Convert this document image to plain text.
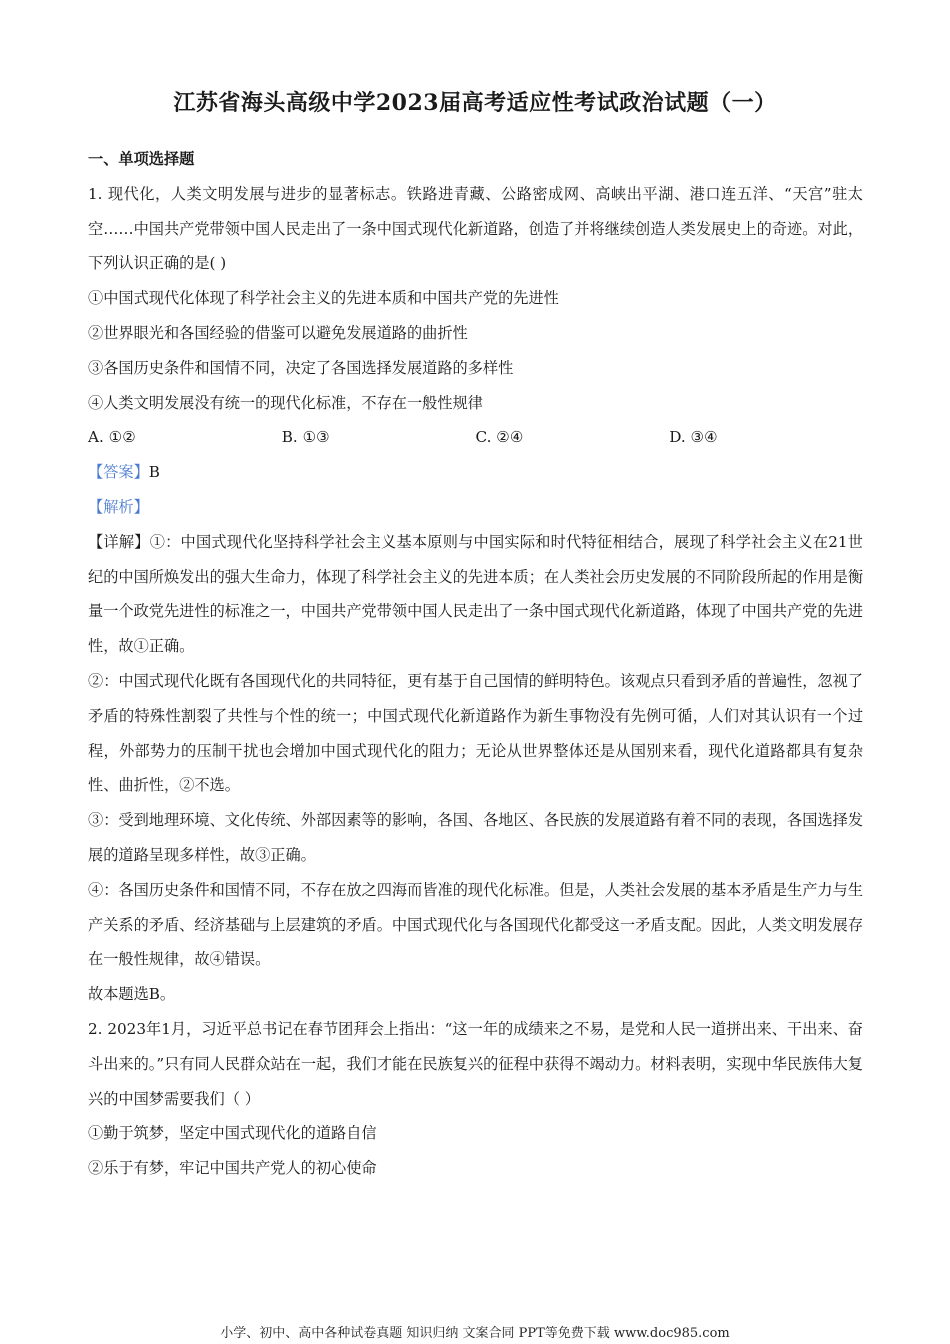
江苏省海头高级中学2023届高考适应性考试政治试题（一）

一、单项选择题

1. 现代化，人类文明发展与进步的显著标志。铁路进青藏、公路密成网、高峡出平湖、港口连五洋、“天宫”驻太空……中国共产党带领中国人民走出了一条中国式现代化新道路，创造了并将继续创造人类发展史上的奇迹。对此，下列认识正确的是( )

①中国式现代化体现了科学社会主义的先进本质和中国共产党的先进性

②世界眼光和各国经验的借鉴可以避免发展道路的曲折性

③各国历史条件和国情不同，决定了各国选择发展道路的多样性

④人类文明发展没有统一的现代化标准，不存在一般性规律

A. ①②	B. ①③	C. ②④	D. ③④

【答案】B

【解析】

【详解】①：中国式现代化坚持科学社会主义基本原则与中国实际和时代特征相结合，展现了科学社会主义在21世纪的中国所焕发出的强大生命力，体现了科学社会主义的先进本质；在人类社会历史发展的不同阶段所起的作用是衡量一个政党先进性的标准之一，中国共产党带领中国人民走出了一条中国式现代化新道路，体现了中国共产党的先进性，故①正确。

②：中国式现代化既有各国现代化的共同特征，更有基于自己国情的鲜明特色。该观点只看到矛盾的普遍性，忽视了矛盾的特殊性割裂了共性与个性的统一；中国式现代化新道路作为新生事物没有先例可循，人们对其认识有一个过程，外部势力的压制干扰也会增加中国式现代化的阻力；无论从世界整体还是从国别来看，现代化道路都具有复杂性、曲折性，②不选。

③：受到地理环境、文化传统、外部因素等的影响，各国、各地区、各民族的发展道路有着不同的表现，各国选择发展的道路呈现多样性，故③正确。

④：各国历史条件和国情不同，不存在放之四海而皆准的现代化标准。但是，人类社会发展的基本矛盾是生产力与生产关系的矛盾、经济基础与上层建筑的矛盾。中国式现代化与各国现代化都受这一矛盾支配。因此，人类文明发展存在一般性规律，故④错误。

故本题选B。

2. 2023年1月，习近平总书记在春节团拜会上指出：“这一年的成绩来之不易，是党和人民一道拼出来、干出来、奋斗出来的。”只有同人民群众站在一起，我们才能在民族复兴的征程中获得不竭动力。材料表明，实现中华民族伟大复兴的中国梦需要我们（ ）

①勤于筑梦，坚定中国式现代化的道路自信

②乐于有梦，牢记中国共产党人的初心使命

小学、初中、高中各种试卷真题 知识归纳 文案合同 PPT等免费下载 www.doc985.com
